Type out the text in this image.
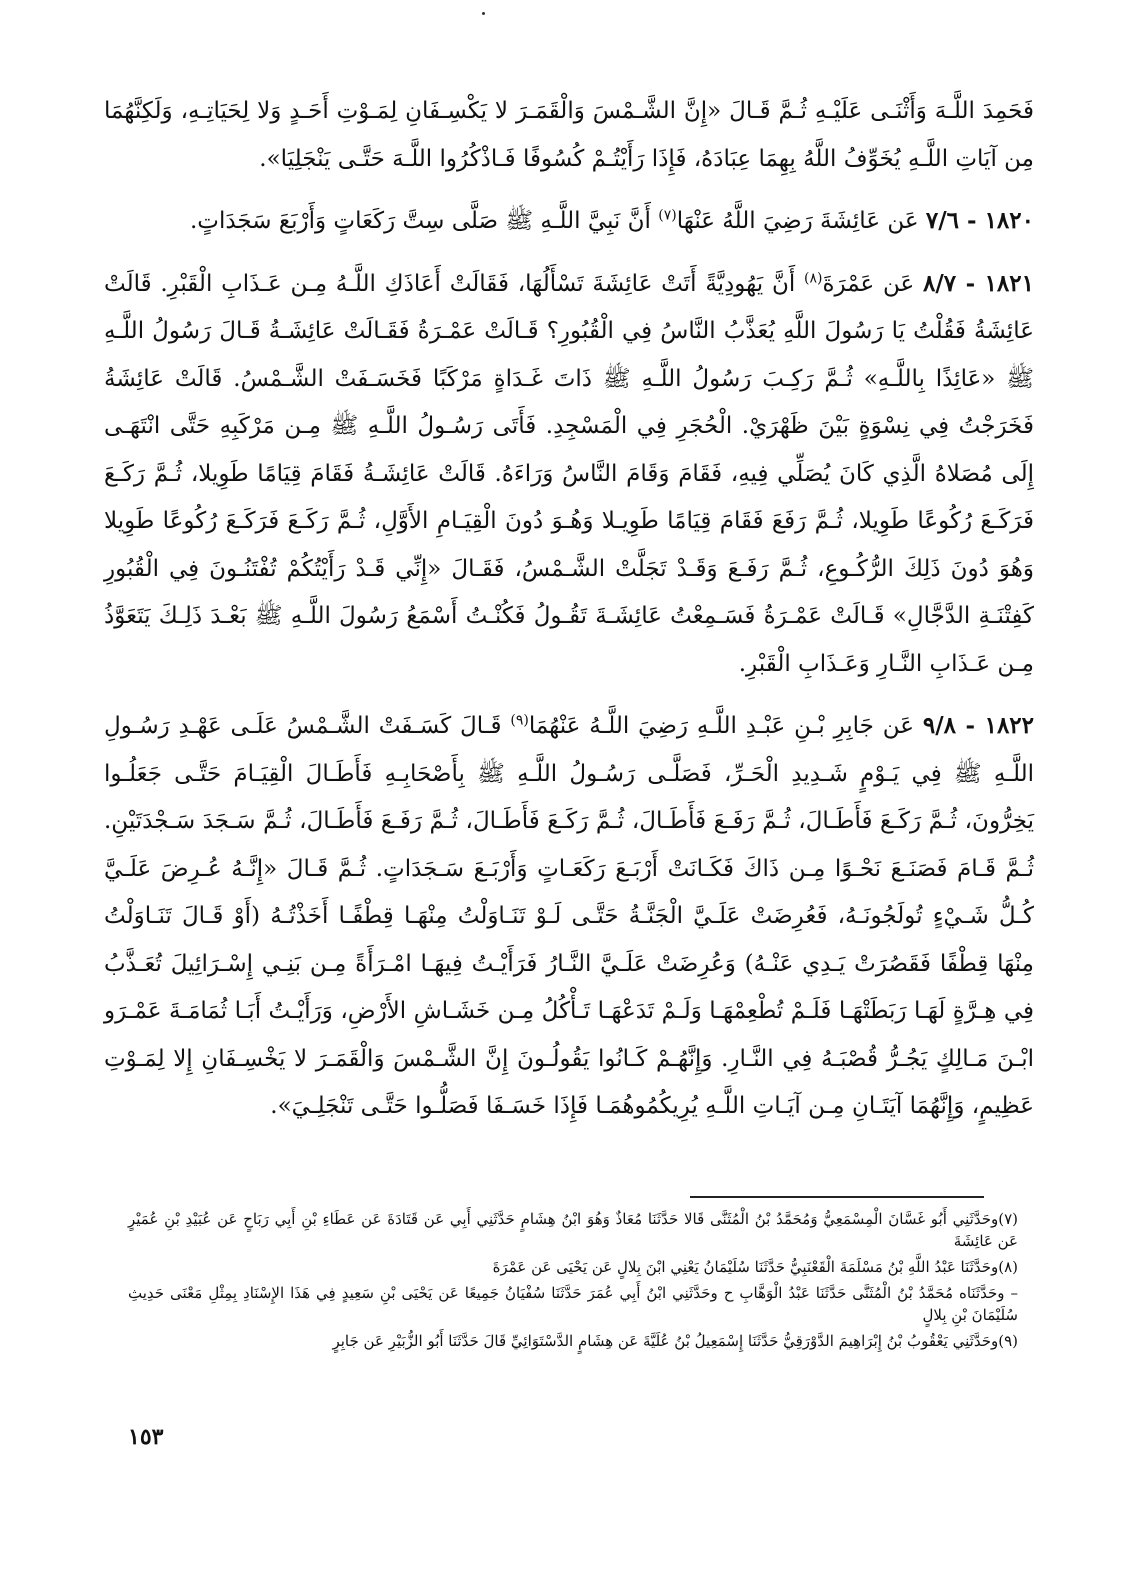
فَحَمِدَ اللَّـهَ وَأَثْنَـى عَلَيْـهِ ثُـمَّ قَـالَ «إِنَّ الشَّـمْسَ وَالْقَمَـرَ لا يَكْسِـفَانِ لِمَـوْتِ أَحَـدٍ وَلا لِحَيَاتِـهِ، وَلَكِنَّهُمَا مِن آيَاتِ اللَّـهِ يُخَوِّفُ اللَّهُ بِهِمَا عِبَادَهُ، فَإِذَا رَأَيْتُـمْ كُسُوفًا فَـاذْكُرُوا اللَّـهَ حَتَّـى يَنْجَلِيَا».

١٨٢٠ - ٧/٦ عَن عَائِشَةَ رَضِيَ اللَّهُ عَنْهَا$^{(٧)}$ أَنَّ نَبِيَّ اللَّـهِ ﷺ صَلَّى سِتَّ رَكَعَاتٍ وَأَرْبَعَ سَجَدَاتٍ.

١٨٢١ - ٨/٧ عَن عَمْرَةَ$^{(٨)}$ أَنَّ يَهُودِيَّةً أَتَتْ عَائِشَةَ تَسْأَلُهَا، فَقَالَتْ أَعَاذَكِ اللَّـهُ مِـن عَـذَابِ الْقَبْرِ. قَالَتْ عَائِشَةُ فَقُلْتُ يَا رَسُولَ اللَّهِ يُعَذَّبُ النَّاسُ فِي الْقُبُورِ؟ قَـالَتْ عَمْـرَةُ فَقَـالَتْ عَائِشَـةُ قَـالَ رَسُولُ اللَّـهِ ﷺ «عَائِذًا بِاللَّـهِ» ثُـمَّ رَكِـبَ رَسُولُ اللَّـهِ ﷺ ذَاتَ غَـدَاةٍ مَرْكَبًا فَخَسَـفَتْ الشَّـمْسُ. قَالَتْ عَائِشَةُ فَخَرَجْتُ فِي نِسْوَةٍ بَيْنَ ظَهْرَيْ. الْحُجَرِ فِي الْمَسْجِدِ. فَأَتَى رَسُـولُ اللَّـهِ ﷺ مِـن مَرْكَبِهِ حَتَّى انْتَهَـى إِلَى مُصَلاهُ الَّذِي كَانَ يُصَلِّي فِيهِ، فَقَامَ وَقَامَ النَّاسُ وَرَاءَهُ. قَالَتْ عَائِشَـةُ فَقَامَ قِيَامًا طَوِيلا، ثُـمَّ رَكَـعَ فَرَكَـعَ رُكُوعًا طَوِيلا، ثُـمَّ رَفَعَ فَقَامَ قِيَامًا طَوِيـلا وَهُـوَ دُونَ الْقِيَـامِ الأَوَّلِ، ثُـمَّ رَكَـعَ فَرَكَـعَ رُكُوعًا طَوِيلا وَهُوَ دُونَ ذَلِكَ الرُّكُـوعِ، ثُـمَّ رَفَـعَ وَقَـدْ تَجَلَّتْ الشَّـمْسُ، فَقَـالَ «إِنِّي قَـدْ رَأَيْتُكُمْ تُفْتَنُـونَ فِي الْقُبُورِ كَفِتْنَـةِ الدَّجَّالِ» قَـالَتْ عَمْـرَةُ فَسَـمِعْتُ عَائِشَـةَ تَقُـولُ فَكُنْـتُ أَسْمَعُ رَسُولَ اللَّـهِ ﷺ بَعْـدَ ذَلِـكَ يَتَعَوَّذُ مِـن عَـذَابِ النَّـارِ وَعَـذَابِ الْقَبْرِ.

١٨٢٢ - ٩/٨ عَن جَابِرِ بْـنِ عَبْـدِ اللَّـهِ رَضِيَ اللَّـهُ عَنْهُمَا$^{(٩)}$ قَـالَ كَسَـفَتْ الشَّـمْسُ عَلَـى عَهْـدِ رَسُـولِ اللَّـهِ ﷺ فِي يَـوْمٍ شَـدِيدِ الْحَـرِّ، فَصَلَّـى رَسُـولُ اللَّـهِ ﷺ بِأَصْحَابِـهِ فَأَطَـالَ الْقِيَـامَ حَتَّـى جَعَلُـوا يَخِرُّونَ، ثُـمَّ رَكَـعَ فَأَطَـالَ، ثُـمَّ رَفَـعَ فَأَطَـالَ، ثُـمَّ رَكَـعَ فَأَطَـالَ، ثُـمَّ رَفَـعَ فَأَطَـالَ، ثُـمَّ سَـجَدَ سَـجْدَتَيْنِ. ثُـمَّ قَـامَ فَصَنَـعَ نَحْـوًا مِـن ذَاكَ فَكَـانَتْ أَرْبَـعَ رَكَعَـاتٍ وَأَرْبَـعَ سَـجَدَاتٍ. ثُـمَّ قَـالَ «إِنَّـهُ عُـرِضَ عَلَـيَّ كُـلُّ شَـيْءٍ تُولَجُونَـهُ، فَعُرِضَتْ عَلَـيَّ الْجَنَّـةُ حَتَّـى لَـوْ تَنَـاوَلْتُ مِنْهَـا قِطْفًـا أَخَذْتُـهُ (أَوْ قَـالَ تَنَـاوَلْتُ مِنْهَا قِطْفًا فَقَصُرَتْ يَـدِي عَنْـهُ) وَعُرِضَتْ عَلَـيَّ النَّـارُ فَرَأَيْـتُ فِيهَـا امْـرَأَةً مِـن بَنِـي إِسْـرَائِيلَ تُعَـذَّبُ فِي هِـرَّةٍ لَهَـا رَبَطَتْهَـا فَلَـمْ تُطْعِمْهَـا وَلَـمْ تَدَعْهَـا تَـأْكُلُ مِـن خَشَـاشِ الأَرْضِ، وَرَأَيْـتُ أَبَـا ثُمَامَـةَ عَمْـرَو ابْـنَ مَـالِكٍ يَجُـرُّ قُصْبَـهُ فِي النَّـارِ. وَإِنَّهُـمْ كَـانُوا يَقُولُـونَ إِنَّ الشَّـمْسَ وَالْقَمَـرَ لا يَخْسِـفَانِ إِلا لِمَـوْتِ عَظِيمٍ، وَإِنَّهُمَا آيَتَـانِ مِـن آيَـاتِ اللَّـهِ يُرِيكُمُوهُمَـا فَإِذَا خَسَـفَا فَصَلُّـوا حَتَّـى تَنْجَلِـيَ».

(٧)وحَدَّثَنِي أَبُو غَسَّانَ الْمِسْمَعِيُّ وَمُحَمَّدُ بْنُ الْمُثَنَّى قَالا حَدَّثَنَا مُعَاذٌ وَهُوَ ابْنُ هِشَامٍ حَدَّثَنِي أَبِي عَن قَتَادَةَ عَن عَطَاءِ بْنِ أَبِي رَبَاحٍ عَن عُبَيْدِ بْنِ عُمَيْرٍ عَن عَائِشَةَ

(٨)وحَدَّثَنَا عَبْدُ اللَّهِ بْنُ مَسْلَمَةَ الْقَعْنَبِيُّ حَدَّثَنَا سُلَيْمَانُ يَعْنِي ابْنَ بِلالٍ عَن يَحْيَى عَن عَمْرَةَ

– وحَدَّثَنَاه مُحَمَّدُ بْنُ الْمُثَنَّى حَدَّثَنَا عَبْدُ الْوَهَّابِ ح وحَدَّثَنِي ابْنُ أَبِي عُمَرَ حَدَّثَنَا سُفْيَانُ جَمِيعًا عَن يَحْيَى بْنِ سَعِيدٍ فِي هَذَا الإِسْنَادِ بِمِثْلِ مَعْنَى حَدِيثِ سُلَيْمَانَ بْنِ بِلالٍ

(٩)وحَدَّثَنِي يَعْقُوبُ بْنُ إِبْرَاهِيمَ الدَّوْرَقِيُّ حَدَّثَنَا إِسْمَعِيلُ بْنُ عُلَيَّةَ عَن هِشَامٍ الدَّسْتَوَائِيِّ قَالَ حَدَّثَنَا أَبُو الزُّبَيْرِ عَن جَابِرٍ

١٥٣
